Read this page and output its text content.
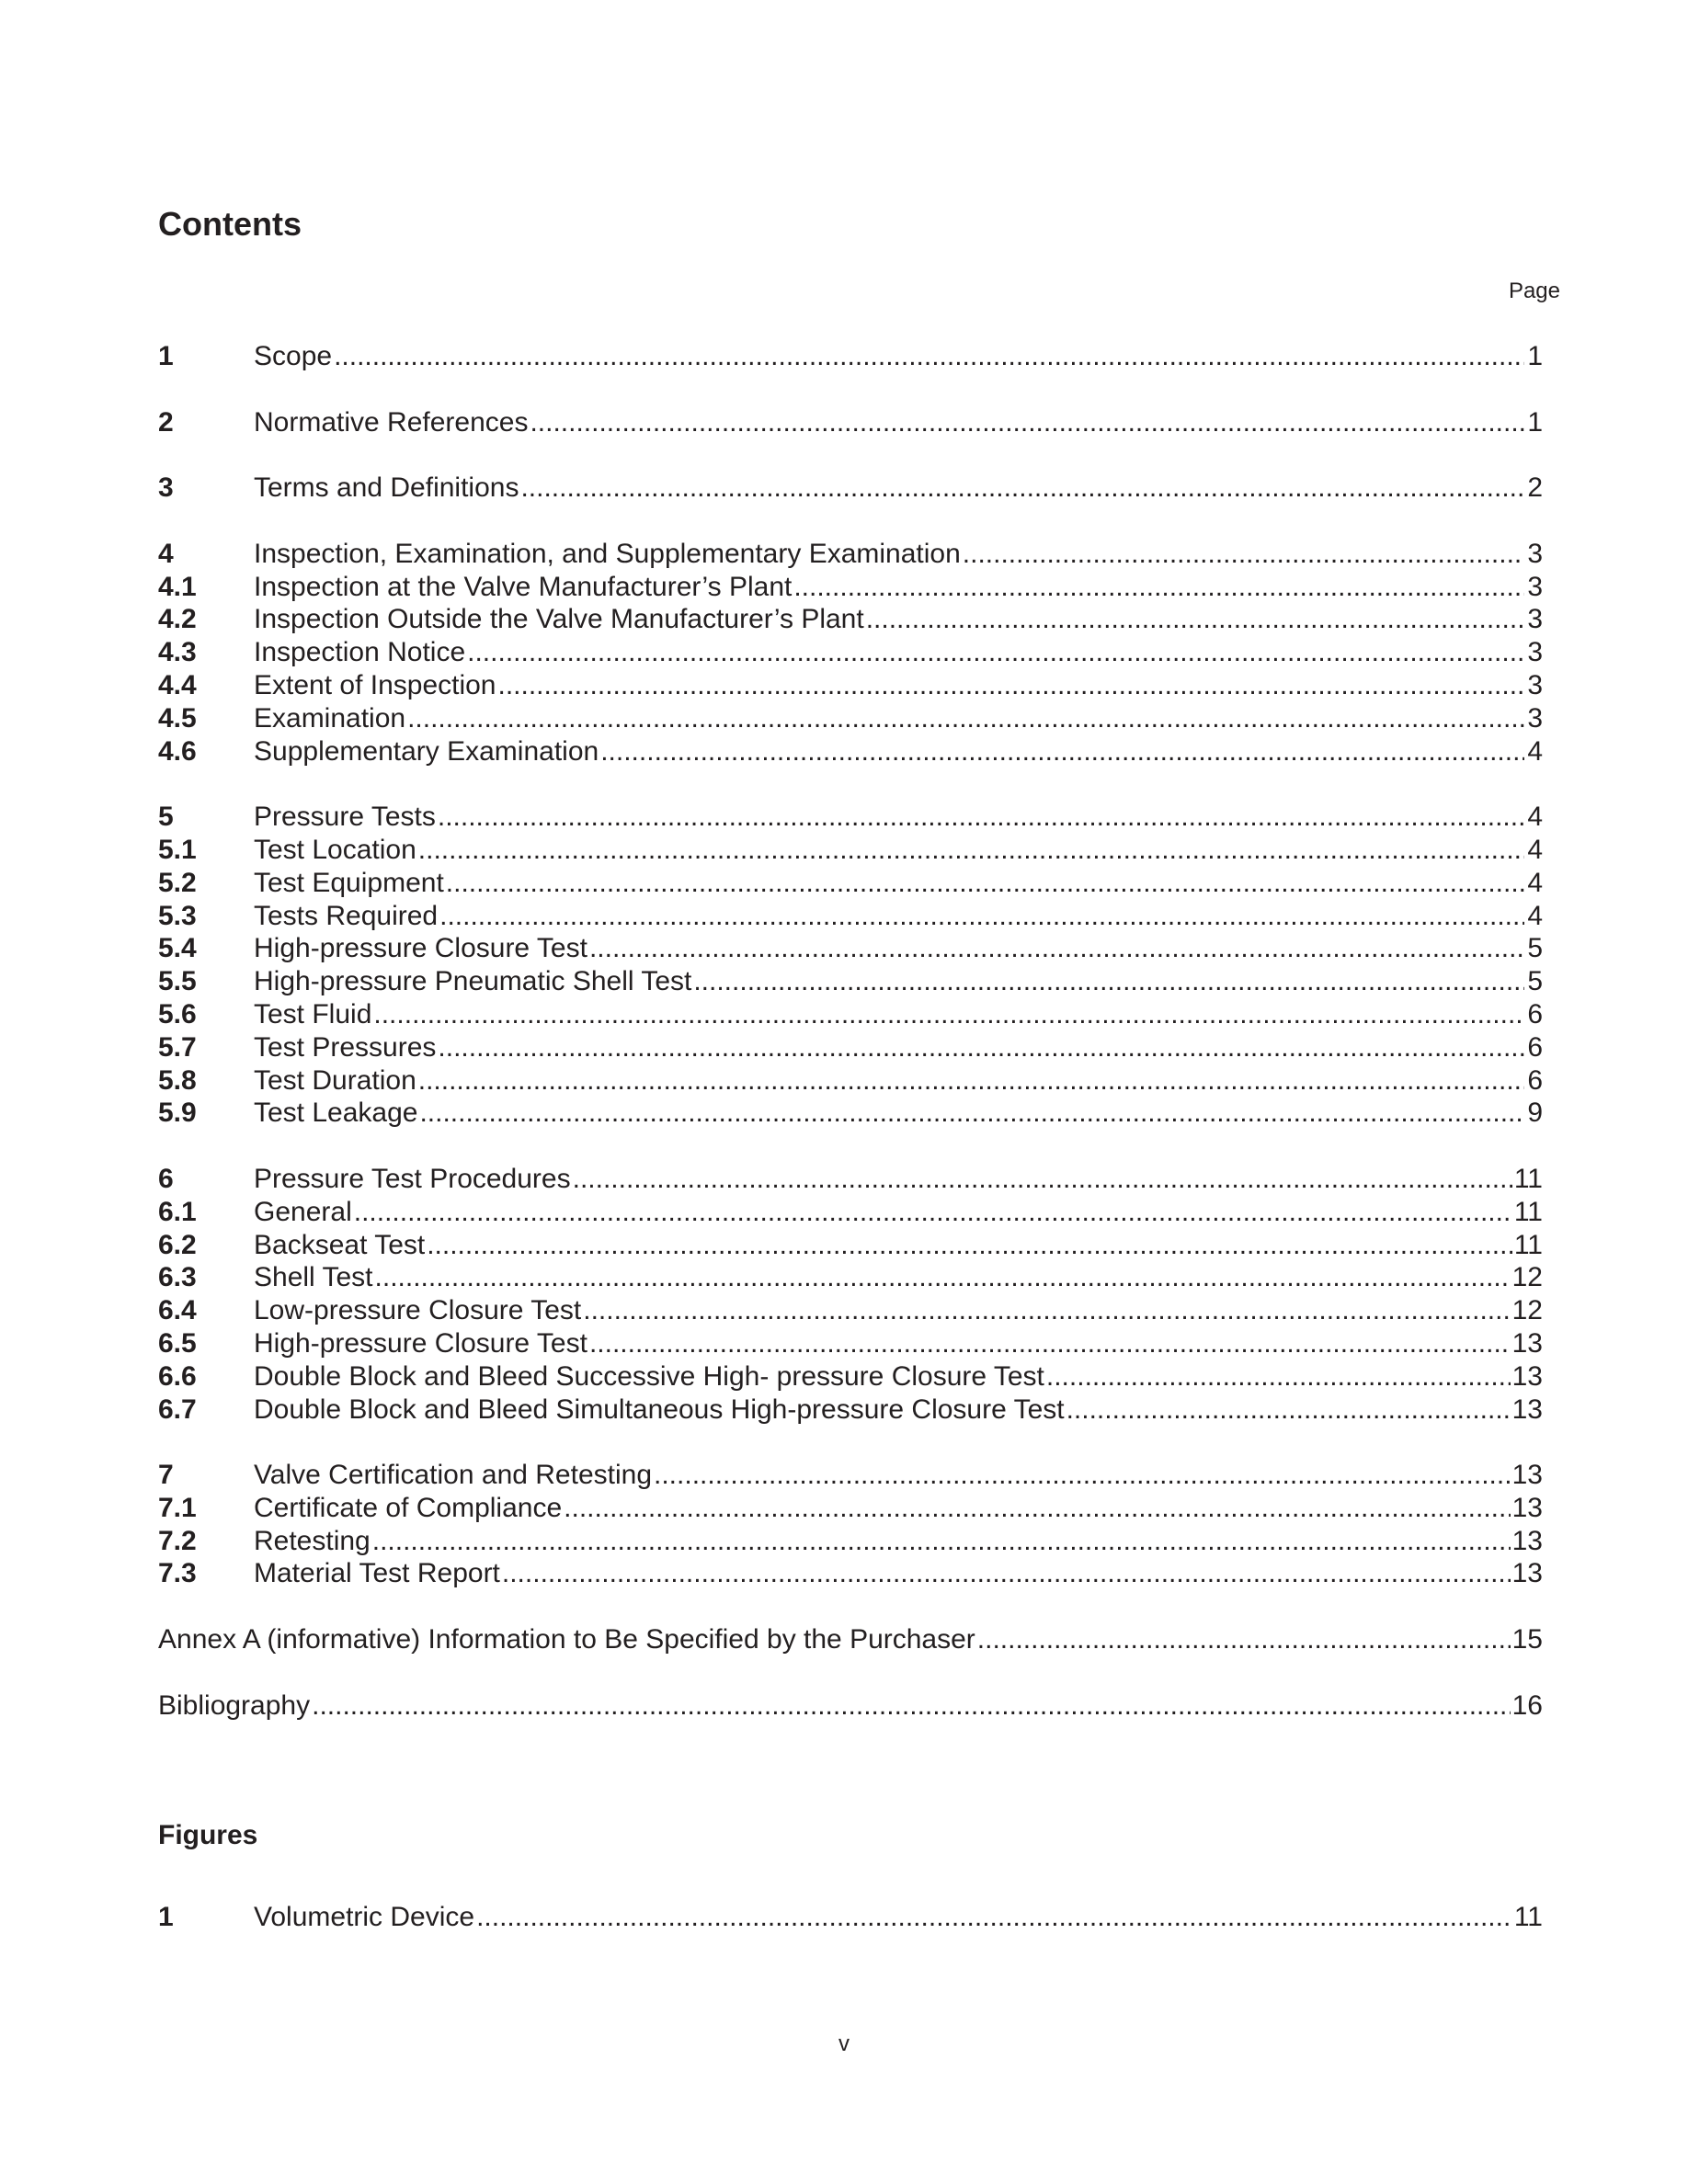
Contents
Page
1	Scope .....	1
2	Normative References .....	1
3	Terms and Definitions .....	2
4	Inspection, Examination, and Supplementary Examination .....	3
4.1	Inspection at the Valve Manufacturer’s Plant .....	3
4.2	Inspection Outside the Valve Manufacturer’s Plant .....	3
4.3	Inspection Notice .....	3
4.4	Extent of Inspection .....	3
4.5	Examination .....	3
4.6	Supplementary Examination .....	4
5	Pressure Tests .....	4
5.1	Test Location .....	4
5.2	Test Equipment .....	4
5.3	Tests Required .....	4
5.4	High-pressure Closure Test .....	5
5.5	High-pressure Pneumatic Shell Test .....	5
5.6	Test Fluid .....	6
5.7	Test Pressures .....	6
5.8	Test Duration .....	6
5.9	Test Leakage .....	9
6	Pressure Test Procedures .....	11
6.1	General .....	11
6.2	Backseat Test .....	11
6.3	Shell Test .....	12
6.4	Low-pressure Closure Test .....	12
6.5	High-pressure Closure Test .....	13
6.6	Double Block and Bleed Successive High- pressure Closure Test .....	13
6.7	Double Block and Bleed Simultaneous High-pressure Closure Test .....	13
7	Valve Certification and Retesting .....	13
7.1	Certificate of Compliance .....	13
7.2	Retesting .....	13
7.3	Material Test Report .....	13
Annex A (informative) Information to Be Specified by the Purchaser .....	15
Bibliography .....	16
Figures
1	Volumetric Device .....	11
v
